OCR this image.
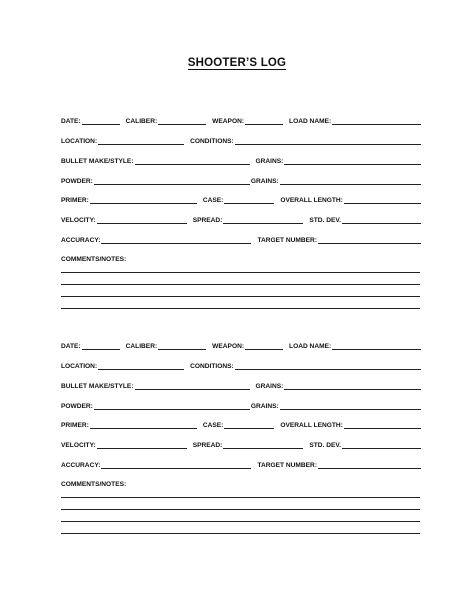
SHOOTER’S LOG
DATE:	CALIBER:	WEAPON:	LOAD NAME:
LOCATION:	CONDITIONS:
BULLET MAKE/STYLE:	GRAINS:
POWDER:	GRAINS:
PRIMER:	CASE:	OVERALL LENGTH:
VELOCITY:	SPREAD:	STD. DEV.
ACCURACY:	TARGET NUMBER:
COMMENTS/NOTES:
DATE:	CALIBER:	WEAPON:	LOAD NAME:
LOCATION:	CONDITIONS:
BULLET MAKE/STYLE:	GRAINS:
POWDER:	GRAINS:
PRIMER:	CASE:	OVERALL LENGTH:
VELOCITY:	SPREAD:	STD. DEV.
ACCURACY:	TARGET NUMBER:
COMMENTS/NOTES:
